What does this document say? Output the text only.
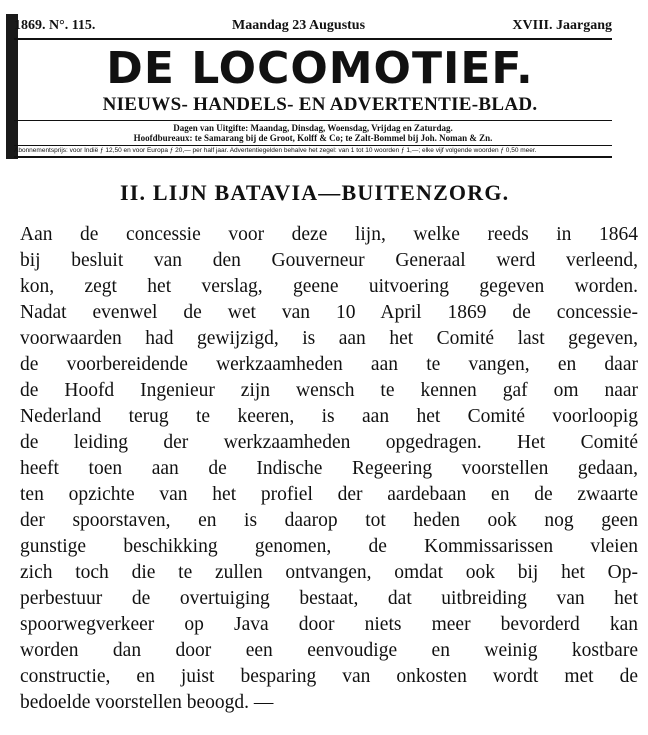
1869. N°. 115.	Maandag 23 Augustus	XVIII. Jaargang
DE LOCOMOTIEF.
NIEUWS- HANDELS- EN ADVERTENTIE-BLAD.
Dagen van Uitgifte: Maandag, Dinsdag, Woensdag, Vrijdag en Zaturdag.
Hoofdbureaux: te Samarang bij de Groot, Kolff & Co; te Zalt-Bommel bij Joh. Noman & Zn.
Abonnementsprijs: voor Indië ƒ 12,50 en voor Europa ƒ 20,— per half jaar. Advertentiegelden behalve het zegel: van 1 tot 10 woorden ƒ 1,—; elke vijf volgende woorden ƒ 0,50 meer.
II. LIJN BATAVIA—BUITENZORG.
Aan de concessie voor deze lijn, welke reeds in 1864
bij besluit van den Gouverneur Generaal werd verleend,
kon, zegt het verslag, geene uitvoering gegeven worden.
Nadat evenwel de wet van 10 April 1869 de concessie-
voorwaarden had gewijzigd, is aan het Comité last gegeven,
de voorbereidende werkzaamheden aan te vangen, en daar
de Hoofd Ingenieur zijn wensch te kennen gaf om naar
Nederland terug te keeren, is aan het Comité voorloopig
de leiding der werkzaamheden opgedragen. Het Comité
heeft toen aan de Indische Regeering voorstellen gedaan,
ten opzichte van het profiel der aardebaan en de zwaarte
der spoorstaven, en is daarop tot heden ook nog geen
gunstige beschikking genomen, de Kommissarissen vleien
zich toch die te zullen ontvangen, omdat ook bij het Op-
perbestuur de overtuiging bestaat, dat uitbreiding van het
spoorwegverkeer op Java door niets meer bevorderd kan
worden dan door een eenvoudige en weinig kostbare
constructie, en juist besparing van onkosten wordt met de
bedoelde voorstellen beoogd. —
